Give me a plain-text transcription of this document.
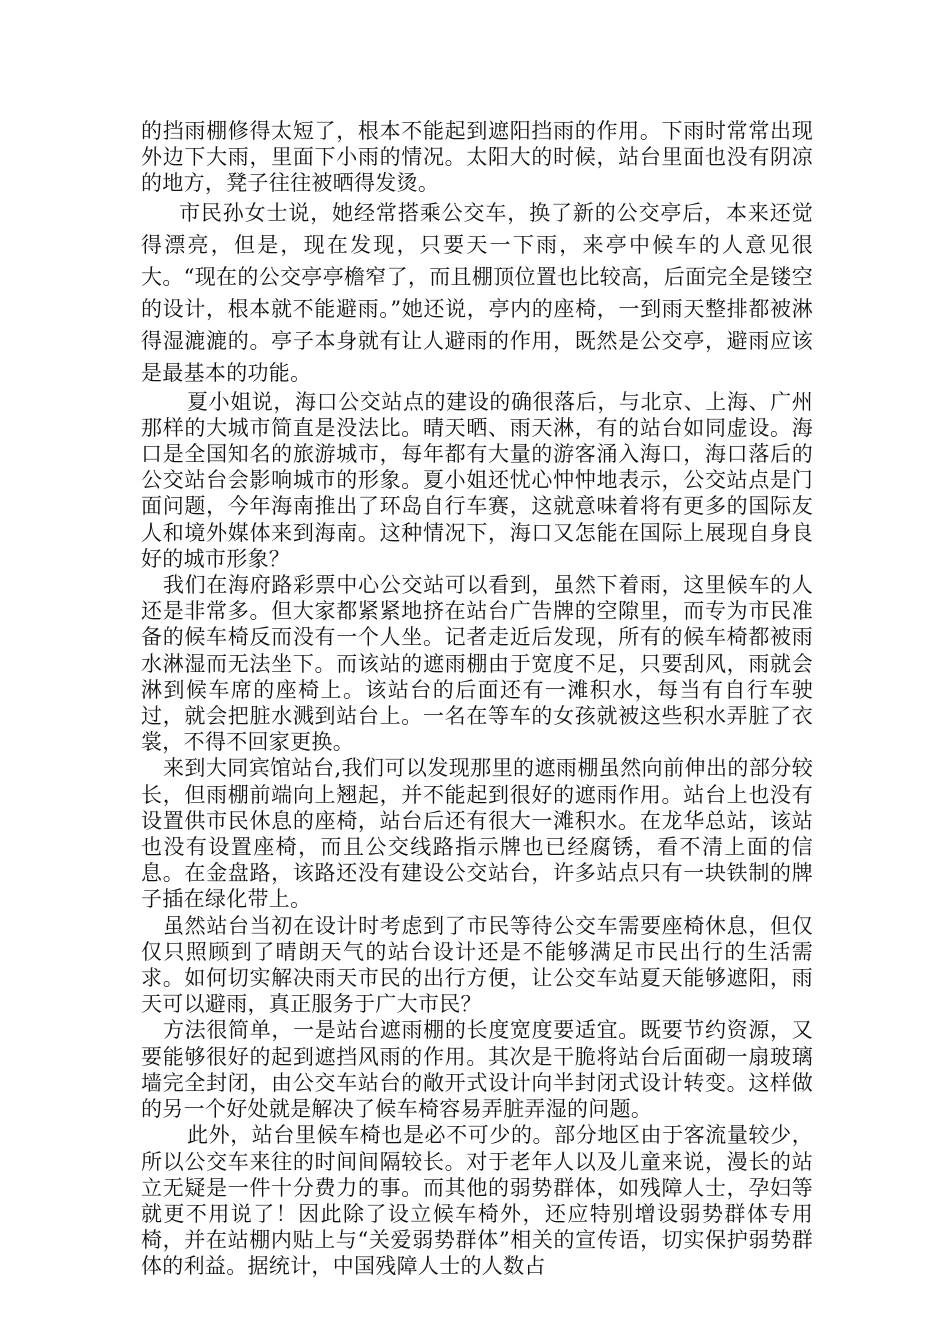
的挡雨棚修得太短了，根本不能起到遮阳挡雨的作用。下雨时常常出现外边下大雨，里面下小雨的情况。太阳大的时候，站台里面也没有阴凉的地方，凳子往往被晒得发烫。

市民孙女士说，她经常搭乘公交车，换了新的公交亭后，本来还觉得漂亮，但是，现在发现，只要天一下雨，来亭中候车的人意见很大。“现在的公交亭亭檐窄了，而且棚顶位置也比较高，后面完全是镂空的设计，根本就不能避雨。”她还说，亭内的座椅，一到雨天整排都被淋得湿漉漉的。亭子本身就有让人避雨的作用，既然是公交亭，避雨应该是最基本的功能。

夏小姐说，海口公交站点的建设的确很落后，与北京、上海、广州那样的大城市简直是没法比。晴天晒、雨天淋，有的站台如同虚设。海口是全国知名的旅游城市，每年都有大量的游客涌入海口，海口落后的公交站台会影响城市的形象。夏小姐还忧心忡忡地表示，公交站点是门面问题，今年海南推出了环岛自行车赛，这就意味着将有更多的国际友人和境外媒体来到海南。这种情况下，海口又怎能在国际上展现自身良好的城市形象？

我们在海府路彩票中心公交站可以看到，虽然下着雨，这里候车的人还是非常多。但大家都紧紧地挤在站台广告牌的空隙里，而专为市民准备的候车椅反而没有一个人坐。记者走近后发现，所有的候车椅都被雨水淋湿而无法坐下。而该站的遮雨棚由于宽度不足，只要刮风，雨就会淋到候车席的座椅上。该站台的后面还有一滩积水，每当有自行车驶过，就会把脏水溅到站台上。一名在等车的女孩就被这些积水弄脏了衣裳，不得不回家更换。

来到大同宾馆站台,我们可以发现那里的遮雨棚虽然向前伸出的部分较长，但雨棚前端向上翘起，并不能起到很好的遮雨作用。站台上也没有设置供市民休息的座椅，站台后还有很大一滩积水。在龙华总站，该站也没有设置座椅，而且公交线路指示牌也已经腐锈，看不清上面的信息。在金盘路，该路还没有建设公交站台，许多站点只有一块铁制的牌子插在绿化带上。

虽然站台当初在设计时考虑到了市民等待公交车需要座椅休息，但仅仅只照顾到了晴朗天气的站台设计还是不能够满足市民出行的生活需求。如何切实解决雨天市民的出行方便，让公交车站夏天能够遮阳，雨天可以避雨，真正服务于广大市民？

方法很简单，一是站台遮雨棚的长度宽度要适宜。既要节约资源，又要能够很好的起到遮挡风雨的作用。其次是干脆将站台后面砌一扇玻璃墙完全封闭，由公交车站台的敞开式设计向半封闭式设计转变。这样做的另一个好处就是解决了候车椅容易弄脏弄湿的问题。

此外，站台里候车椅也是必不可少的。部分地区由于客流量较少，所以公交车来往的时间间隔较长。对于老年人以及儿童来说，漫长的站立无疑是一件十分费力的事。而其他的弱势群体，如残障人士，孕妇等就更不用说了！因此除了设立候车椅外，还应特别增设弱势群体专用椅，并在站棚内贴上与“关爱弱势群体”相关的宣传语，切实保护弱势群体的利益。据统计，中国残障人士的人数占
